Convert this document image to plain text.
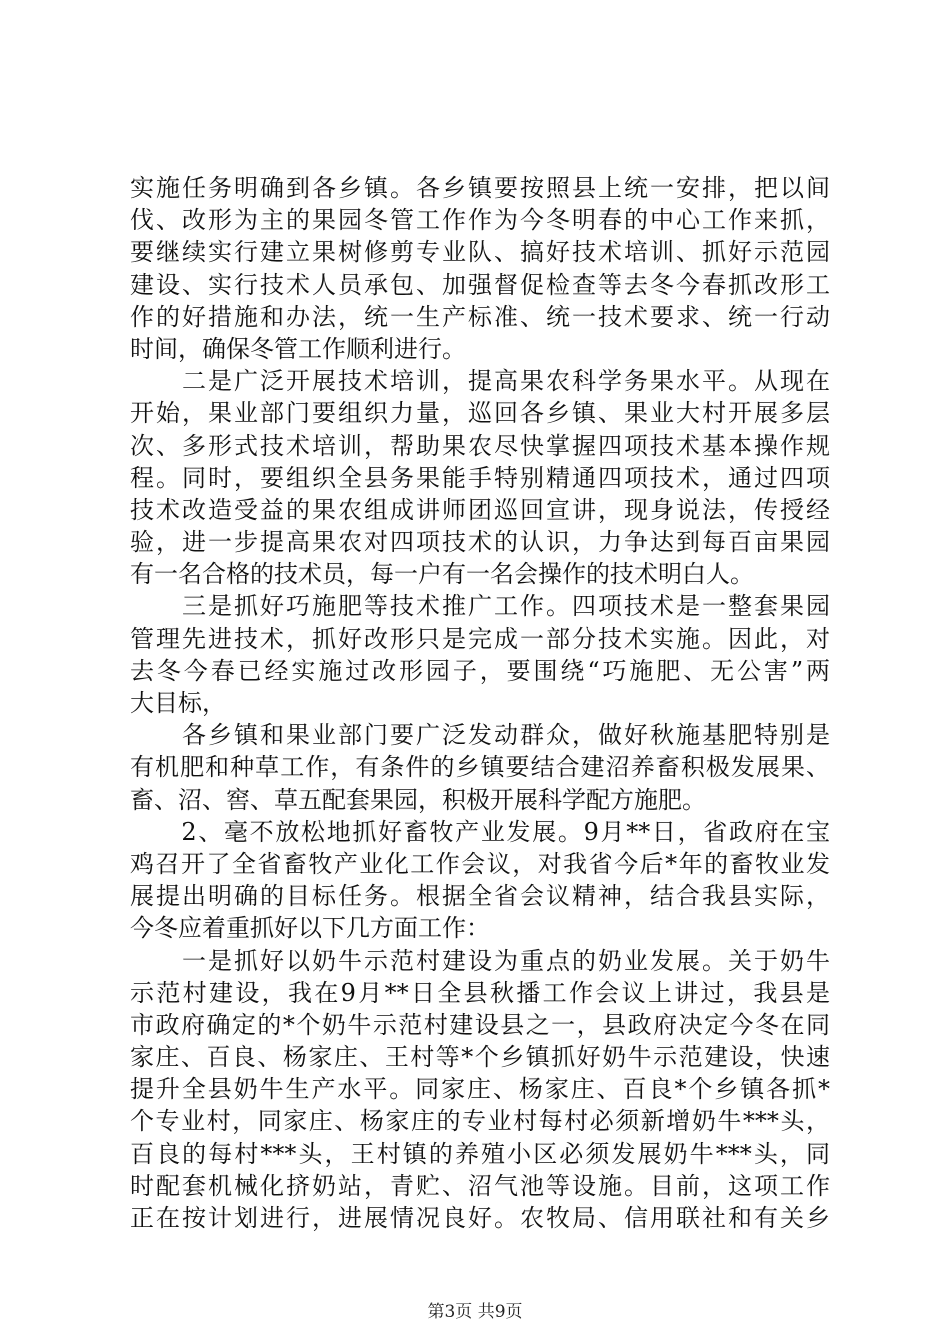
实施任务明确到各乡镇。各乡镇要按照县上统一安排，把以间
伐、改形为主的果园冬管工作作为今冬明春的中心工作来抓，
要继续实行建立果树修剪专业队、搞好技术培训、抓好示范园
建设、实行技术人员承包、加强督促检查等去冬今春抓改形工
作的好措施和办法，统一生产标准、统一技术要求、统一行动
时间，确保冬管工作顺利进行。
　　二是广泛开展技术培训，提高果农科学务果水平。从现在
开始，果业部门要组织力量，巡回各乡镇、果业大村开展多层
次、多形式技术培训，帮助果农尽快掌握四项技术基本操作规
程。同时，要组织全县务果能手特别精通四项技术，通过四项
技术改造受益的果农组成讲师团巡回宣讲，现身说法，传授经
验，进一步提高果农对四项技术的认识，力争达到每百亩果园
有一名合格的技术员，每一户有一名会操作的技术明白人。
　　三是抓好巧施肥等技术推广工作。四项技术是一整套果园
管理先进技术，抓好改形只是完成一部分技术实施。因此，对
去冬今春已经实施过改形园子，要围绕“巧施肥、无公害”两
大目标，
　　各乡镇和果业部门要广泛发动群众，做好秋施基肥特别是
有机肥和种草工作，有条件的乡镇要结合建沼养畜积极发展果、
畜、沼、窖、草五配套果园，积极开展科学配方施肥。
　　2、毫不放松地抓好畜牧产业发展。9月**日，省政府在宝
鸡召开了全省畜牧产业化工作会议，对我省今后*年的畜牧业发
展提出明确的目标任务。根据全省会议精神，结合我县实际，
今冬应着重抓好以下几方面工作：
　　一是抓好以奶牛示范村建设为重点的奶业发展。关于奶牛
示范村建设，我在9月**日全县秋播工作会议上讲过，我县是
市政府确定的*个奶牛示范村建设县之一，县政府决定今冬在同
家庄、百良、杨家庄、王村等*个乡镇抓好奶牛示范建设，快速
提升全县奶牛生产水平。同家庄、杨家庄、百良*个乡镇各抓*
个专业村，同家庄、杨家庄的专业村每村必须新增奶牛***头，
百良的每村***头，王村镇的养殖小区必须发展奶牛***头，同
时配套机械化挤奶站，青贮、沼气池等设施。目前，这项工作
正在按计划进行，进展情况良好。农牧局、信用联社和有关乡
第3页 共9页
